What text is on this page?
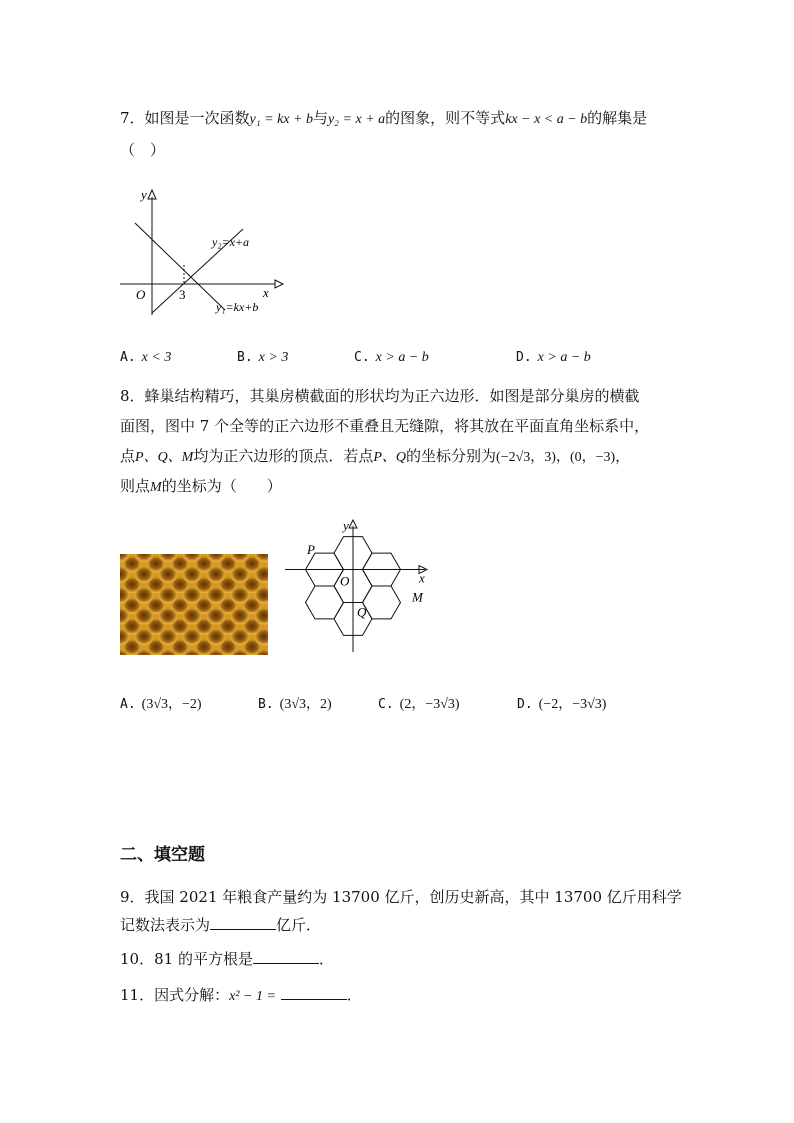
7．如图是一次函数y₁ = kx + b与y₂ = x + a的图象，则不等式kx − x < a − b的解集是
（　）
y
x
O	3
y₂=x+a
y₁=kx+b
A. x < 3	B. x > 3	C. x > a − b	D. x > a − b
8．蜂巢结构精巧，其巢房横截面的形状均为正六边形．如图是部分巢房的横截
面图，图中 7 个全等的正六边形不重叠且无缝隙，将其放在平面直角坐标系中，
点P、Q、M均为正六边形的顶点．若点P、Q的坐标分别为(−2√3，3)，(0，−3)，
则点M的坐标为（　　）
y
x
P
O
Q
M
A. (3√3，−2)	B. (3√3，2)	C. (2，−3√3)	D. (−2，−3√3)
二、填空题
9．我国 2021 年粮食产量约为 13700 亿斤，创历史新高，其中 13700 亿斤用科学
记数法表示为	亿斤．
10．81 的平方根是	．
11．因式分解：x² − 1 =	．
